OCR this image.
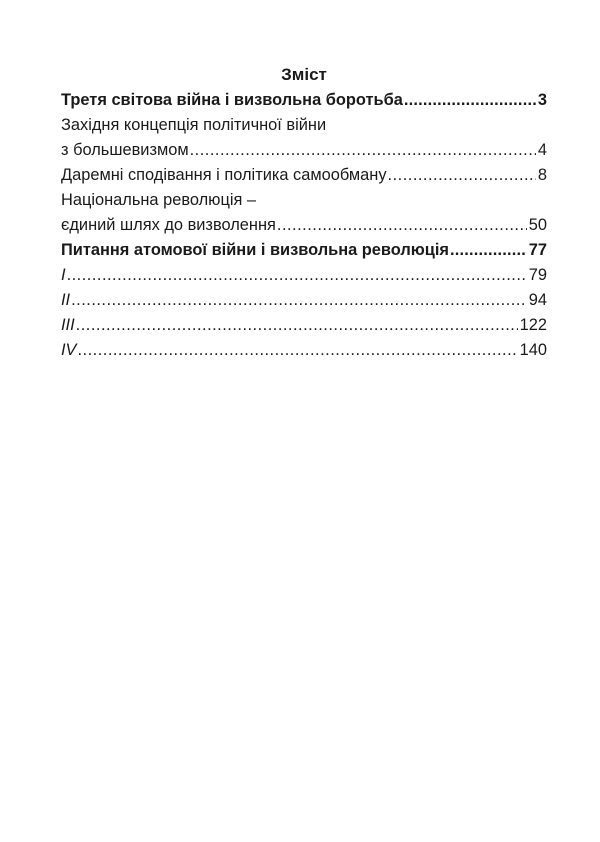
Зміст
Третя світова війна і визвольна боротьба .....	3
Західня концепція політичної війни
з большевизмом .....	4
Даремні сподівання і політика самообману .....	8
Національна революція –
єдиний шлях до визволення .....	50
Питання атомової війни і визвольна революція .....	77
I .....	79
II .....	94
III .....	122
IV .....	140
